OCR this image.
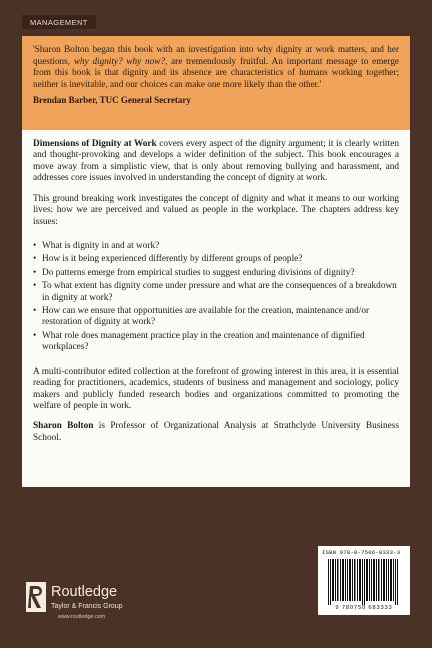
MANAGEMENT

'Sharon Bolton began this book with an investigation into why dignity at work matters, and her questions, why dignity? why now?, are tremendously fruitful. An important message to emerge from this book is that dignity and its absence are characteristics of humans working together; neither is inevitable, and our choices can make one more likely than the other.'

Brendan Barber, TUC General Secretary

Dimensions of Dignity at Work covers every aspect of the dignity argument; it is clearly written and thought-provoking and develops a wider definition of the subject. This book encourages a move away from a simplistic view, that is only about removing bullying and harassment, and addresses core issues involved in understanding the concept of dignity at work.

This ground breaking work investigates the concept of dignity and what it means to our working lives: how we are perceived and valued as people in the workplace. The chapters address key issues:

• What is dignity in and at work?
• How is it being experienced differently by different groups of people?
• Do patterns emerge from empirical studies to suggest enduring divisions of dignity?
• To what extent has dignity come under pressure and what are the consequences of a breakdown in dignity at work?
• How can we ensure that opportunities are available for the creation, maintenance and/or restoration of dignity at work?
• What role does management practice play in the creation and maintenance of dignified workplaces?

A multi-contributor edited collection at the forefront of growing interest in this area, it is essential reading for practitioners, academics, students of business and management and sociology, policy makers and publicly funded research bodies and organizations committed to promoting the welfare of people in work.

Sharon Bolton is Professor of Organizational Analysis at Strathclyde University Business School.

ISBN 978-0-7506-8333-3
9 780750 683333
Routledge
Taylor & Francis Group
www.routledge.com
